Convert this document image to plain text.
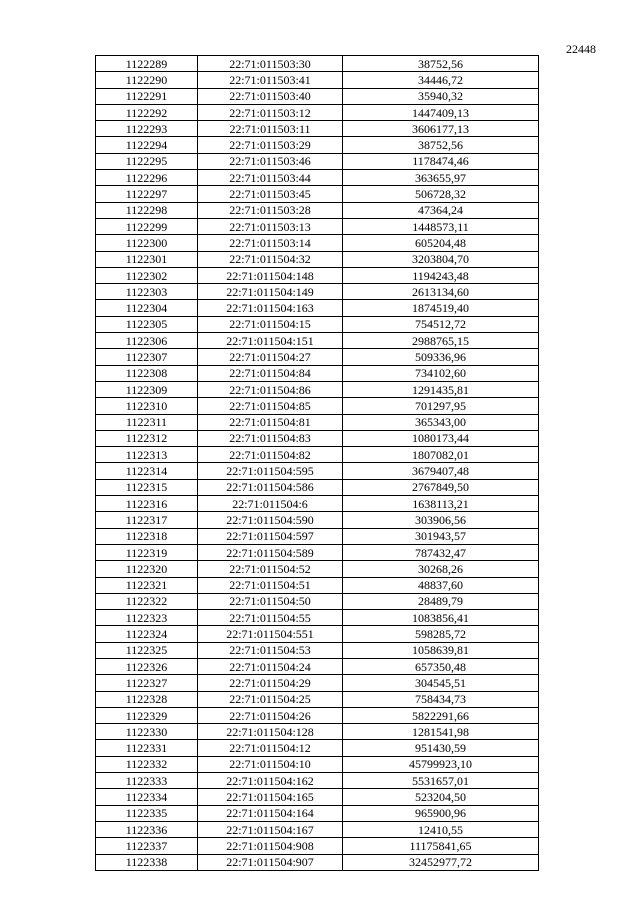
22448
1122289	22:71:011503:30	38752,56
1122290	22:71:011503:41	34446,72
1122291	22:71:011503:40	35940,32
1122292	22:71:011503:12	1447409,13
1122293	22:71:011503:11	3606177,13
1122294	22:71:011503:29	38752,56
1122295	22:71:011503:46	1178474,46
1122296	22:71:011503:44	363655,97
1122297	22:71:011503:45	506728,32
1122298	22:71:011503:28	47364,24
1122299	22:71:011503:13	1448573,11
1122300	22:71:011503:14	605204,48
1122301	22:71:011504:32	3203804,70
1122302	22:71:011504:148	1194243,48
1122303	22:71:011504:149	2613134,60
1122304	22:71:011504:163	1874519,40
1122305	22:71:011504:15	754512,72
1122306	22:71:011504:151	2988765,15
1122307	22:71:011504:27	509336,96
1122308	22:71:011504:84	734102,60
1122309	22:71:011504:86	1291435,81
1122310	22:71:011504:85	701297,95
1122311	22:71:011504:81	365343,00
1122312	22:71:011504:83	1080173,44
1122313	22:71:011504:82	1807082,01
1122314	22:71:011504:595	3679407,48
1122315	22:71:011504:586	2767849,50
1122316	22:71:011504:6	1638113,21
1122317	22:71:011504:590	303906,56
1122318	22:71:011504:597	301943,57
1122319	22:71:011504:589	787432,47
1122320	22:71:011504:52	30268,26
1122321	22:71:011504:51	48837,60
1122322	22:71:011504:50	28489,79
1122323	22:71:011504:55	1083856,41
1122324	22:71:011504:551	598285,72
1122325	22:71:011504:53	1058639,81
1122326	22:71:011504:24	657350,48
1122327	22:71:011504:29	304545,51
1122328	22:71:011504:25	758434,73
1122329	22:71:011504:26	5822291,66
1122330	22:71:011504:128	1281541,98
1122331	22:71:011504:12	951430,59
1122332	22:71:011504:10	45799923,10
1122333	22:71:011504:162	5531657,01
1122334	22:71:011504:165	523204,50
1122335	22:71:011504:164	965900,96
1122336	22:71:011504:167	12410,55
1122337	22:71:011504:908	11175841,65
1122338	22:71:011504:907	32452977,72
